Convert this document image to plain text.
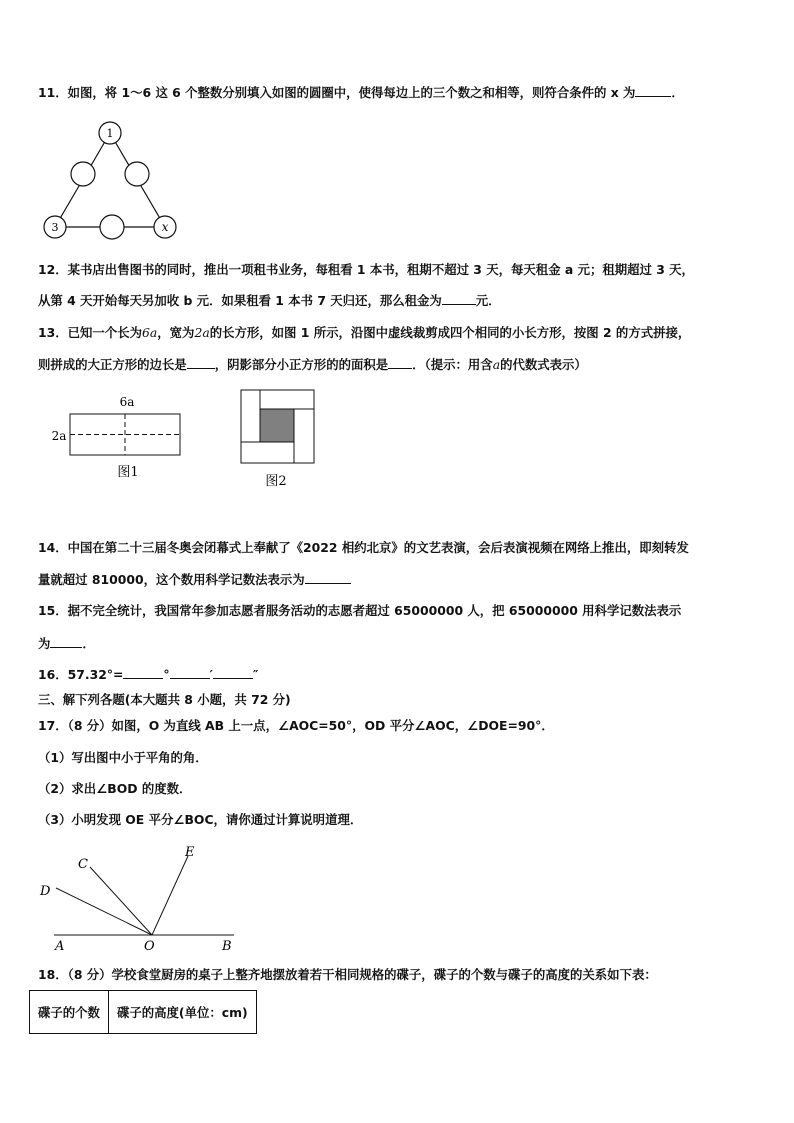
11．如图，将 1～6 这 6 个整数分别填入如图的圆圈中，使得每边上的三个数之和相等，则符合条件的 x 为	．
1
3	x
12．某书店出售图书的同时，推出一项租书业务，每租看 1 本书，租期不超过 3 天，每天租金 a 元；租期超过 3 天，
从第 4 天开始每天另加收 b 元．如果租看 1 本书 7 天归还，那么租金为	元．
13．已知一个长为6a，宽为2a的长方形，如图 1 所示，沿图中虚线裁剪成四个相同的小长方形，按图 2 的方式拼接，
则拼成的大正方形的边长是 ，阴影部分小正方形的的面积是 ．（提示：用含a的代数式表示）
6a
2a
图1
图2
14．中国在第二十三届冬奥会闭幕式上奉献了《2022 相约北京》的文艺表演，会后表演视频在网络上推出，即刻转发
量就超过 810000，这个数用科学记数法表示为
15．据不完全统计，我国常年参加志愿者服务活动的志愿者超过 65000000 人，把 65000000 用科学记数法表示
为	．
16．57.32°=	°	′	″
三、解下列各题(本大题共 8 小题，共 72 分)
17．（8 分）如图，O 为直线 AB 上一点，∠AOC=50°，OD 平分∠AOC，∠DOE=90°．
（1）写出图中小于平角的角．
（2）求出∠BOD 的度数．
（3）小明发现 OE 平分∠BOC，请你通过计算说明道理．
C
E
D
A	O	B
18．（8 分）学校食堂厨房的桌子上整齐地摆放着若干相同规格的碟子，碟子的个数与碟子的高度的关系如下表：
碟子的个数	碟子的高度(单位：cm)
